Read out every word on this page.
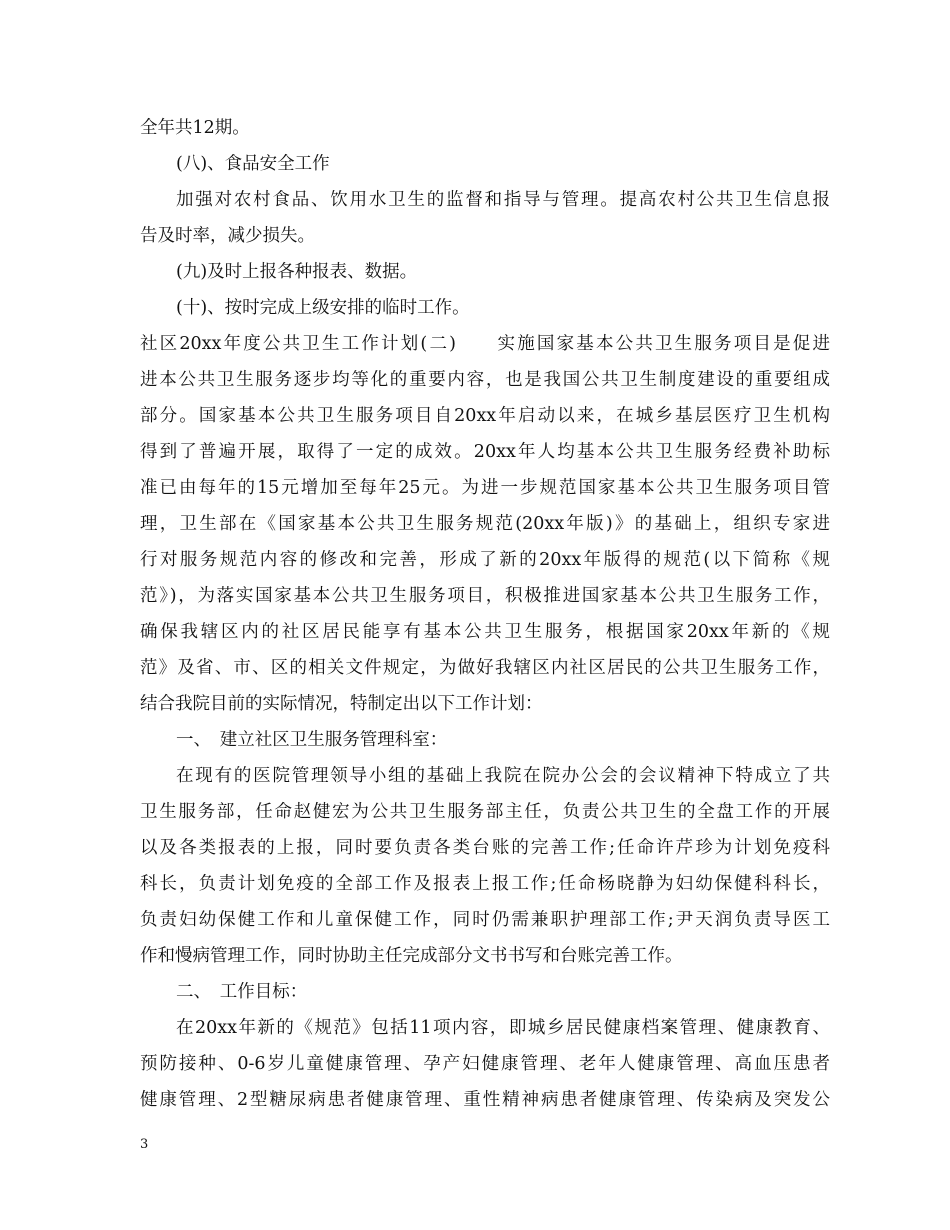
全年共12期。
(八)、食品安全工作
加强对农村食品、饮用水卫生的监督和指导与管理。提高农村公共卫生信息报
告及时率，减少损失。
(九)及时上报各种报表、数据。
(十)、按时完成上级安排的临时工作。
社区20xx年度公共卫生工作计划(二)　　实施国家基本公共卫生服务项目是促进
进本公共卫生服务逐步均等化的重要内容，也是我国公共卫生制度建设的重要组成
部分。国家基本公共卫生服务项目自20xx年启动以来，在城乡基层医疗卫生机构
得到了普遍开展，取得了一定的成效。20xx年人均基本公共卫生服务经费补助标
准已由每年的15元增加至每年25元。为进一步规范国家基本公共卫生服务项目管
理，卫生部在《国家基本公共卫生服务规范(20xx年版)》的基础上，组织专家进
行对服务规范内容的修改和完善，形成了新的20xx年版得的规范(以下简称《规
范》)，为落实国家基本公共卫生服务项目，积极推进国家基本公共卫生服务工作，
确保我辖区内的社区居民能享有基本公共卫生服务，根据国家20xx年新的《规
范》及省、市、区的相关文件规定，为做好我辖区内社区居民的公共卫生服务工作，
结合我院目前的实际情况，特制定出以下工作计划：
一、　建立社区卫生服务管理科室：
在现有的医院管理领导小组的基础上我院在院办公会的会议精神下特成立了共
卫生服务部，任命赵健宏为公共卫生服务部主任，负责公共卫生的全盘工作的开展
以及各类报表的上报，同时要负责各类台账的完善工作;任命许芹珍为计划免疫科
科长，负责计划免疫的全部工作及报表上报工作;任命杨晓静为妇幼保健科科长，
负责妇幼保健工作和儿童保健工作，同时仍需兼职护理部工作;尹天润负责导医工
作和慢病管理工作，同时协助主任完成部分文书书写和台账完善工作。
二、　工作目标：
在20xx年新的《规范》包括11项内容，即城乡居民健康档案管理、健康教育、
预防接种、0-6岁儿童健康管理、孕产妇健康管理、老年人健康管理、高血压患者
健康管理、2型糖尿病患者健康管理、重性精神病患者健康管理、传染病及突发公
3
